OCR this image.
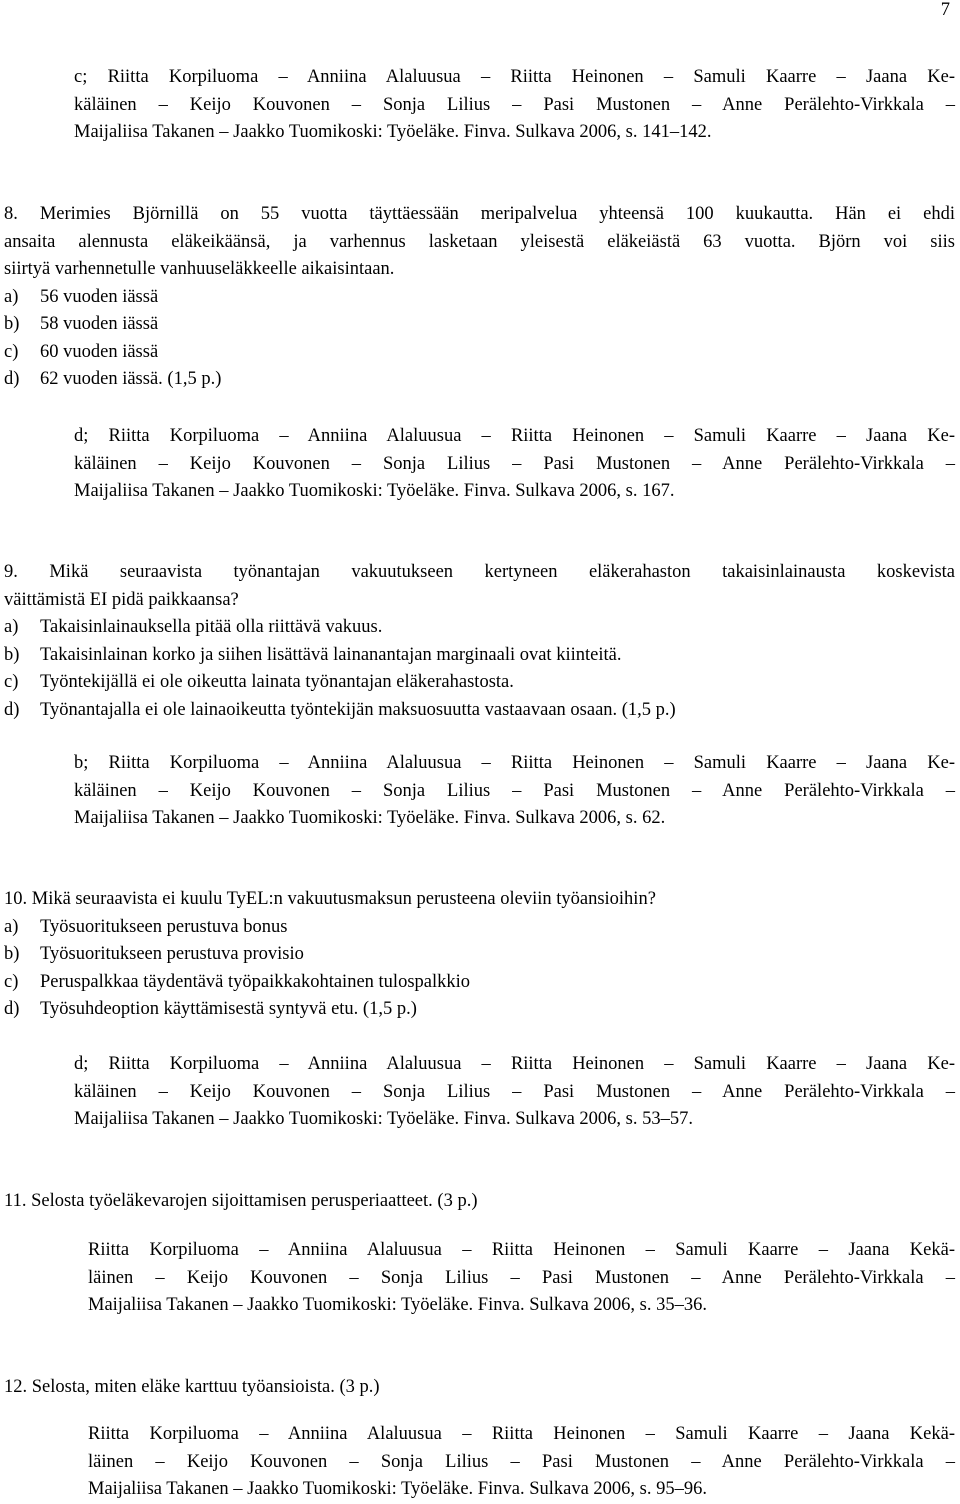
7
c; Riitta Korpiluoma – Anniina Alaluusua – Riitta Heinonen – Samuli Kaarre – Jaana Ke-
käläinen – Keijo Kouvonen – Sonja Lilius – Pasi Mustonen – Anne Perälehto-Virkkala –
Maijaliisa Takanen – Jaakko Tuomikoski: Työeläke. Finva. Sulkava 2006, s. 141–142.
8. Merimies Björnillä on 55 vuotta täyttäessään meripalvelua yhteensä 100 kuukautta. Hän ei ehdi
ansaita alennusta eläkeikäänsä, ja varhennus lasketaan yleisestä eläkeiästä 63 vuotta. Björn voi siis
siirtyä varhennetulle vanhuuseläkkeelle aikaisintaan.
a) 56 vuoden iässä
b) 58 vuoden iässä
c) 60 vuoden iässä
d) 62 vuoden iässä. (1,5 p.)
d; Riitta Korpiluoma – Anniina Alaluusua – Riitta Heinonen – Samuli Kaarre – Jaana Ke-
käläinen – Keijo Kouvonen – Sonja Lilius – Pasi Mustonen – Anne Perälehto-Virkkala –
Maijaliisa Takanen – Jaakko Tuomikoski: Työeläke. Finva. Sulkava 2006, s. 167.
9. Mikä seuraavista työnantajan vakuutukseen kertyneen eläkerahaston takaisinlainausta koskevista
väittämistä EI pidä paikkaansa?
a) Takaisinlainauksella pitää olla riittävä vakuus.
b) Takaisinlainan korko ja siihen lisättävä lainanantajan marginaali ovat kiinteitä.
c) Työntekijällä ei ole oikeutta lainata työnantajan eläkerahastosta.
d) Työnantajalla ei ole lainaoikeutta työntekijän maksuosuutta vastaavaan osaan. (1,5 p.)
b; Riitta Korpiluoma – Anniina Alaluusua – Riitta Heinonen – Samuli Kaarre – Jaana Ke-
käläinen – Keijo Kouvonen – Sonja Lilius – Pasi Mustonen – Anne Perälehto-Virkkala –
Maijaliisa Takanen – Jaakko Tuomikoski: Työeläke. Finva. Sulkava 2006, s. 62.
10. Mikä seuraavista ei kuulu TyEL:n vakuutusmaksun perusteena oleviin työansioihin?
a) Työsuoritukseen perustuva bonus
b) Työsuoritukseen perustuva provisio
c) Peruspalkkaa täydentävä työpaikkakohtainen tulospalkkio
d) Työsuhdeoption käyttämisestä syntyvä etu. (1,5 p.)
d; Riitta Korpiluoma – Anniina Alaluusua – Riitta Heinonen – Samuli Kaarre – Jaana Ke-
käläinen – Keijo Kouvonen – Sonja Lilius – Pasi Mustonen – Anne Perälehto-Virkkala –
Maijaliisa Takanen – Jaakko Tuomikoski: Työeläke. Finva. Sulkava 2006, s. 53–57.
11. Selosta työeläkevarojen sijoittamisen perusperiaatteet. (3 p.)
Riitta Korpiluoma – Anniina Alaluusua – Riitta Heinonen – Samuli Kaarre – Jaana Kekä-
läinen – Keijo Kouvonen – Sonja Lilius – Pasi Mustonen – Anne Perälehto-Virkkala –
Maijaliisa Takanen – Jaakko Tuomikoski: Työeläke. Finva. Sulkava 2006, s. 35–36.
12. Selosta, miten eläke karttuu työansioista. (3 p.)
Riitta Korpiluoma – Anniina Alaluusua – Riitta Heinonen – Samuli Kaarre – Jaana Kekä-
läinen – Keijo Kouvonen – Sonja Lilius – Pasi Mustonen – Anne Perälehto-Virkkala –
Maijaliisa Takanen – Jaakko Tuomikoski: Työeläke. Finva. Sulkava 2006, s. 95–96.
